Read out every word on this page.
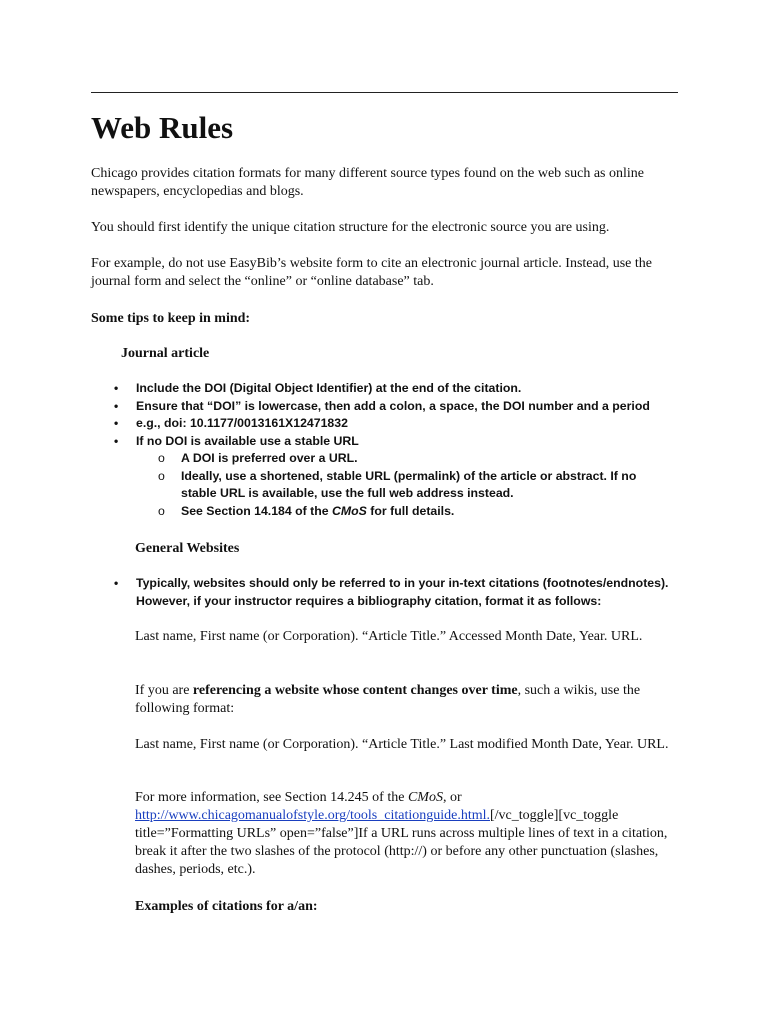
Web Rules

Chicago provides citation formats for many different source types found on the web such as online newspapers, encyclopedias and blogs.

You should first identify the unique citation structure for the electronic source you are using.

For example, do not use EasyBib’s website form to cite an electronic journal article. Instead, use the journal form and select the “online” or “online database” tab.

Some tips to keep in mind:

Journal article

• Include the DOI (Digital Object Identifier) at the end of the citation.
• Ensure that “DOI” is lowercase, then add a colon, a space, the DOI number and a period
• e.g., doi: 10.1177/0013161X12471832
• If no DOI is available use a stable URL
o A DOI is preferred over a URL.
o Ideally, use a shortened, stable URL (permalink) of the article or abstract. If no stable URL is available, use the full web address instead.
o See Section 14.184 of the CMoS for full details.

General Websites

• Typically, websites should only be referred to in your in-text citations (footnotes/endnotes). However, if your instructor requires a bibliography citation, format it as follows:

Last name, First name (or Corporation). “Article Title.” Accessed Month Date, Year. URL.

If you are referencing a website whose content changes over time, such a wikis, use the following format:

Last name, First name (or Corporation). “Article Title.” Last modified Month Date, Year. URL.

For more information, see Section 14.245 of the CMoS, or
http://www.chicagomanualofstyle.org/tools_citationguide.html.[/vc_toggle][vc_toggle title=”Formatting URLs” open=”false”]If a URL runs across multiple lines of text in a citation, break it after the two slashes of the protocol (http://) or before any other punctuation (slashes, dashes, periods, etc.).

Examples of citations for a/an:
